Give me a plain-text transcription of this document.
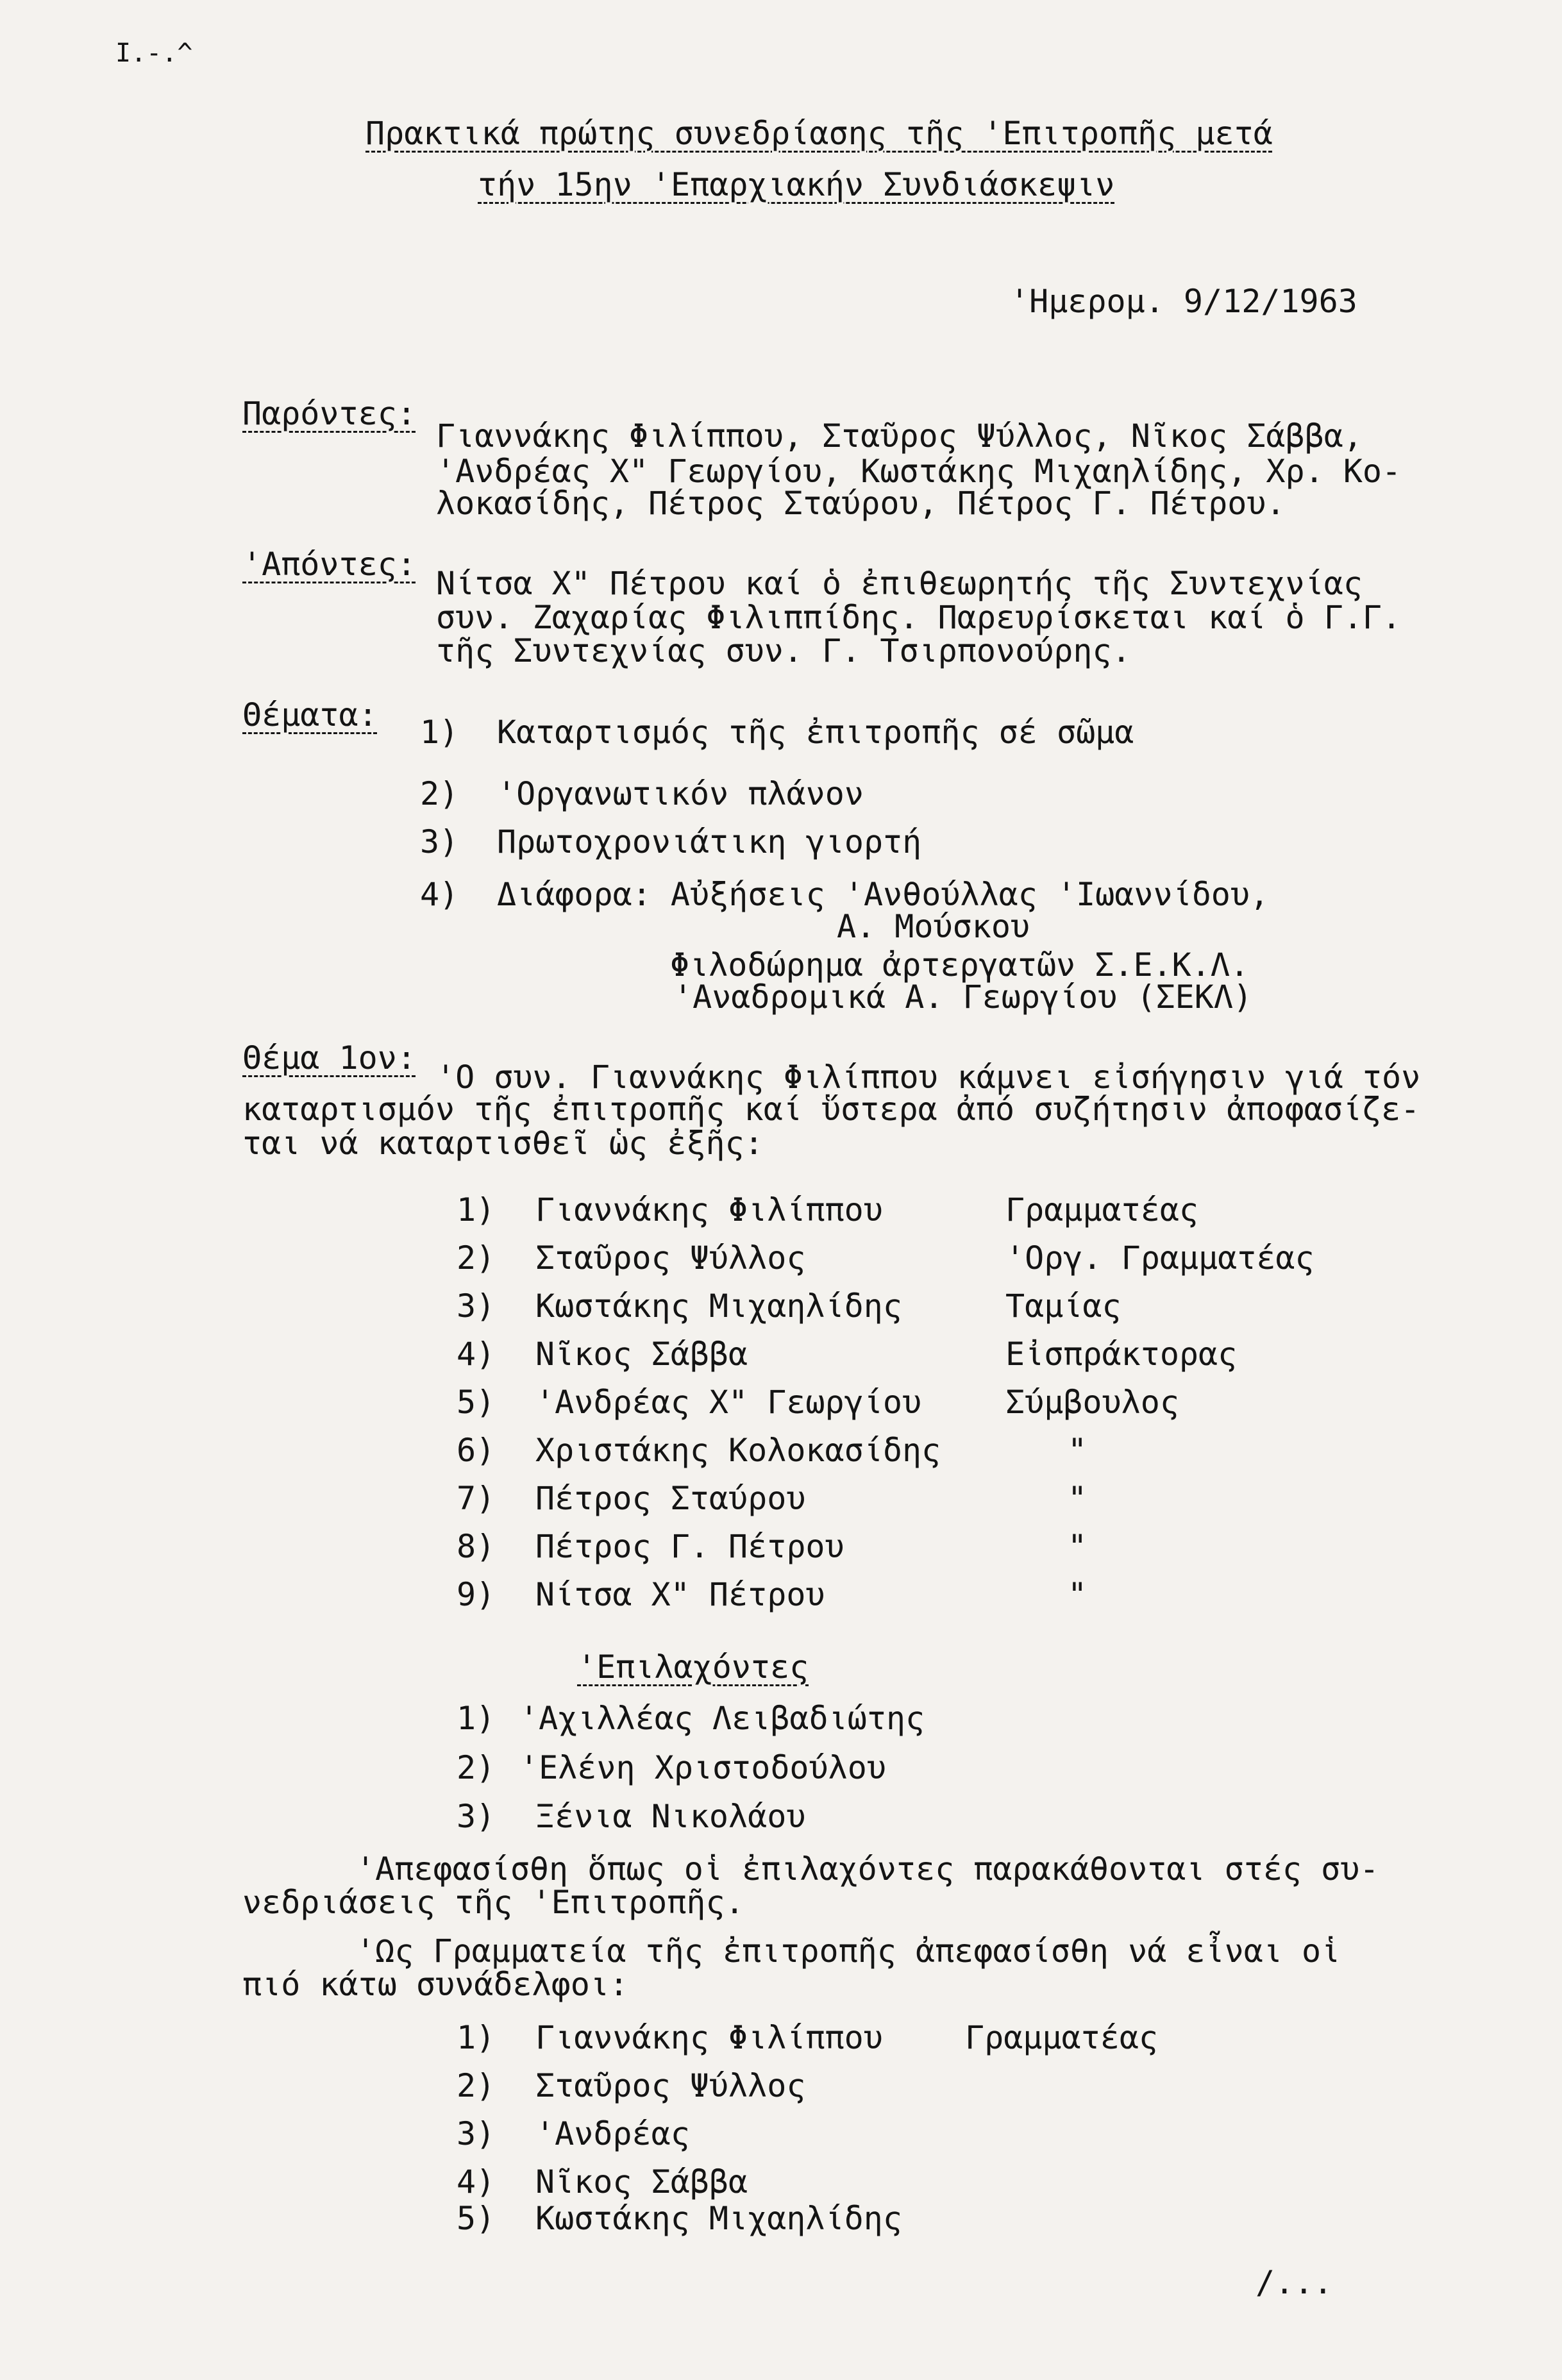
Ι.-.^
Πρακτικά πρώτης συνεδρίασης τῆς 'Επιτροπῆς μετά
τήν 15ην 'Επαρχιακήν Συνδιάσκεψιν
'Ημερομ. 9/12/1963
Παρόντες:
Γιαννάκης Φιλίππου, Σταῦρος Ψύλλος, Νῖκος Σάββα,
'Ανδρέας Χ" Γεωργίου, Κωστάκης Μιχαηλίδης, Χρ. Κο-
λοκασίδης, Πέτρος Σταύρου, Πέτρος Γ. Πέτρου.
'Απόντες:
Νίτσα Χ" Πέτρου καί ὁ ἐπιθεωρητής τῆς Συντεχνίας
συν. Ζαχαρίας Φιλιππίδης. Παρευρίσκεται καί ὁ Γ.Γ.
τῆς Συντεχνίας συν. Γ. Τσιρπονούρης.
Θέματα: 1) Καταρτισμός τῆς ἐπιτροπῆς σέ σῶμα
2) 'Οργανωτικόν πλάνον
3) Πρωτοχρονιάτικη γιορτή
4) Διάφορα: Αὐξήσεις 'Ανθούλλας 'Ιωαννίδου,
Α. Μούσκου
Φιλοδώρημα ἀρτεργατῶν Σ.Ε.Κ.Λ.
'Αναδρομικά Α. Γεωργίου (ΣΕΚΛ)
Θέμα 1ον:
'Ο συν. Γιαννάκης Φιλίππου κάμνει εἰσήγησιν γιά τόν
καταρτισμόν τῆς ἐπιτροπῆς καί ὕστερα ἀπό συζήτησιν ἀποφασίζε-
ται νά καταρτισθεῖ ὡς ἐξῆς:
1) Γιαννάκης Φιλίππου	Γραμματέας
2) Σταῦρος Ψύλλος	'Οργ. Γραμματέας
3) Κωστάκης Μιχαηλίδης	Ταμίας
4) Νῖκος Σάββα	Εἰσπράκτορας
5) 'Ανδρέας Χ" Γεωργίου	Σύμβουλος
6) Χριστάκης Κολοκασίδης	"
7) Πέτρος Σταύρου	"
8) Πέτρος Γ. Πέτρου	"
9) Νίτσα Χ" Πέτρου	"
'Επιλαχόντες
1) 'Αχιλλέας Λειβαδιώτης
2) 'Ελένη Χριστοδούλου
3) Ξένια Νικολάου
'Απεφασίσθη ὅπως οἱ ἐπιλαχόντες παρακάθονται στές συ-
νεδριάσεις τῆς 'Επιτροπῆς.
'Ως Γραμματεία τῆς ἐπιτροπῆς ἀπεφασίσθη νά εἶναι οἱ
πιό κάτω συνάδελφοι:
1) Γιαννάκης Φιλίππου	Γραμματέας
2) Σταῦρος Ψύλλος
3) 'Ανδρέας
4) Νῖκος Σάββα
5) Κωστάκης Μιχαηλίδης
/...
